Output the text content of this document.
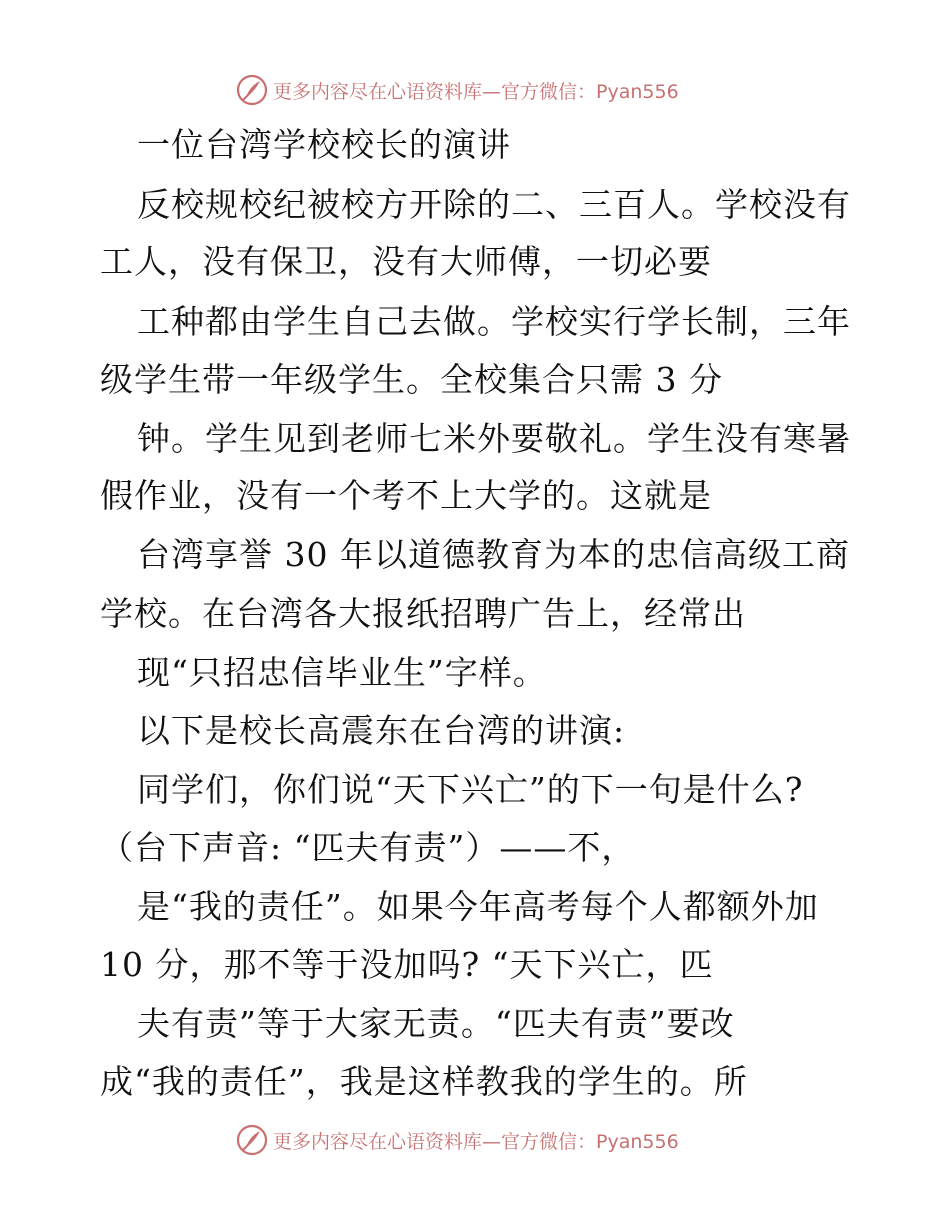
更多内容尽在心语资料库—官方微信：Pyan556
一位台湾学校校长的演讲
反校规校纪被校方开除的二、三百人。学校没有
工人，没有保卫，没有大师傅，一切必要
工种都由学生自己去做。学校实行学长制，三年
级学生带一年级学生。全校集合只需 3 分
钟。学生见到老师七米外要敬礼。学生没有寒暑
假作业，没有一个考不上大学的。这就是
台湾享誉 30 年以道德教育为本的忠信高级工商
学校。在台湾各大报纸招聘广告上，经常出
现“只招忠信毕业生”字样。
以下是校长高震东在台湾的讲演:
同学们，你们说“天下兴亡”的下一句是什么?
（台下声音: “匹夫有责”）——不，
是“我的责任”。如果今年高考每个人都额外加
10 分，那不等于没加吗? “天下兴亡，匹
夫有责”等于大家无责。“匹夫有责”要改
成“我的责任”，我是这样教我的学生的。所
更多内容尽在心语资料库—官方微信：Pyan556
